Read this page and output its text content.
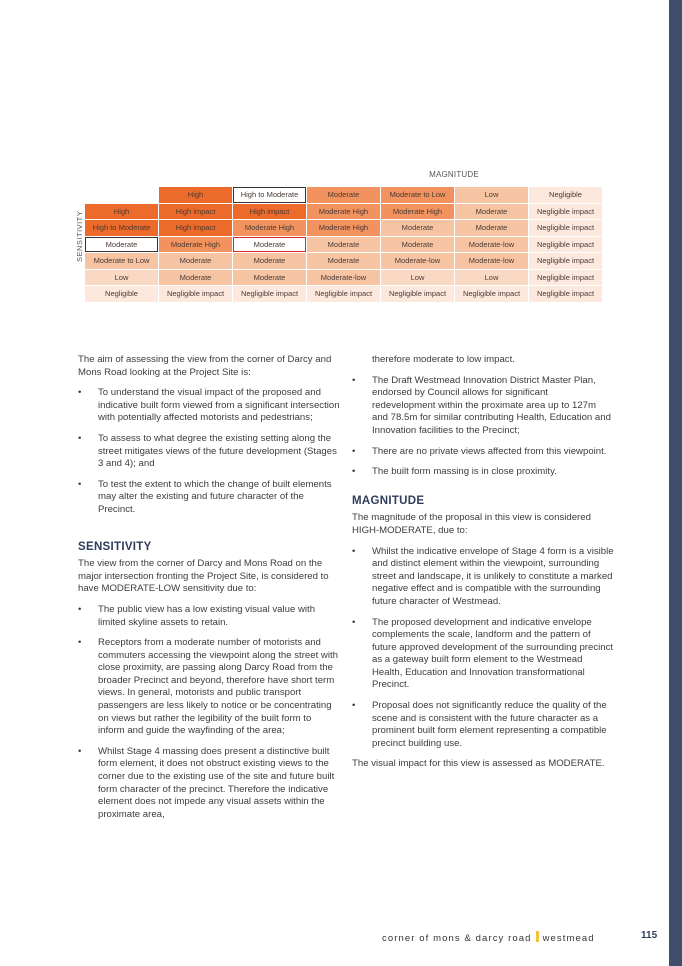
MAGNITUDE
SENSITIVITY
	High	High to Moderate	Moderate	Moderate to Low	Low	Negligible
High	High impact	High impact	Moderate High	Moderate High	Moderate	Negligible impact
High to Moderate	High impact	Moderate High	Moderate High	Moderate	Moderate	Negligible impact
Moderate	Moderate High	Moderate	Moderate	Moderate	Moderate-low	Negligible impact
Moderate to Low	Moderate	Moderate	Moderate	Moderate-low	Moderate-low	Negligible impact
Low	Moderate	Moderate	Moderate-low	Low	Low	Negligible impact
Negligible	Negligible impact	Negligible impact	Negligible impact	Negligible impact	Negligible impact	Negligible impact

The aim of assessing the view from the corner of Darcy and Mons Road looking at the Project Site is:

• To understand the visual impact of the proposed and indicative built form viewed from a significant intersection with potentially affected motorists and pedestrians;
• To assess to what degree the existing setting along the street mitigates views of the future development (Stages 3 and 4); and
• To test the extent to which the change of built elements may alter the existing and future character of the Precinct.
SENSITIVITY

The view from the corner of Darcy and Mons Road on the major intersection fronting the Project Site, is considered to have MODERATE-LOW sensitivity due to:

• The public view has a low existing visual value with limited skyline assets to retain.
• Receptors from a moderate number of motorists and commuters accessing the viewpoint along the street with close proximity, are passing along Darcy Road from the broader Precinct and beyond, therefore have short term views. In general, motorists and public transport passengers are less likely to notice or be concentrating on views but rather the legibility of the built form to inform and guide the wayfinding of the area;
• Whilst Stage 4 massing does present a distinctive built form element, it does not obstruct existing views to the corner due to the existing use of the site and future built form character of the precinct. Therefore the indicative element does not impede any visual assets within the proximate area,

therefore moderate to low impact.

• The Draft Westmead Innovation District Master Plan, endorsed by Council allows for significant redevelopment within the proximate area up to 127m and 78.5m for similar contributing Health, Education and Innovation facilities to the Precinct;
• There are no private views affected from this viewpoint.
• The built form massing is in close proximity.
MAGNITUDE

The magnitude of the proposal in this view is considered HIGH-MODERATE, due to:

• Whilst the indicative envelope of Stage 4 form is a visible and distinct element within the viewpoint, surrounding street and landscape, it is unlikely to constitute a marked negative effect and is compatible with the surrounding future character of Westmead.
• The proposed development and indicative envelope complements the scale, landform and the pattern of future approved development of the surrounding precinct as a gateway built form element to the Westmead Health, Education and Innovation transformational Precinct.
• Proposal does not significantly reduce the quality of the scene and is consistent with the future character as a prominent built form element representing a compatible precinct building use.

The visual impact for this view is assessed as MODERATE.

corner of mons & darcy road westmead	115
